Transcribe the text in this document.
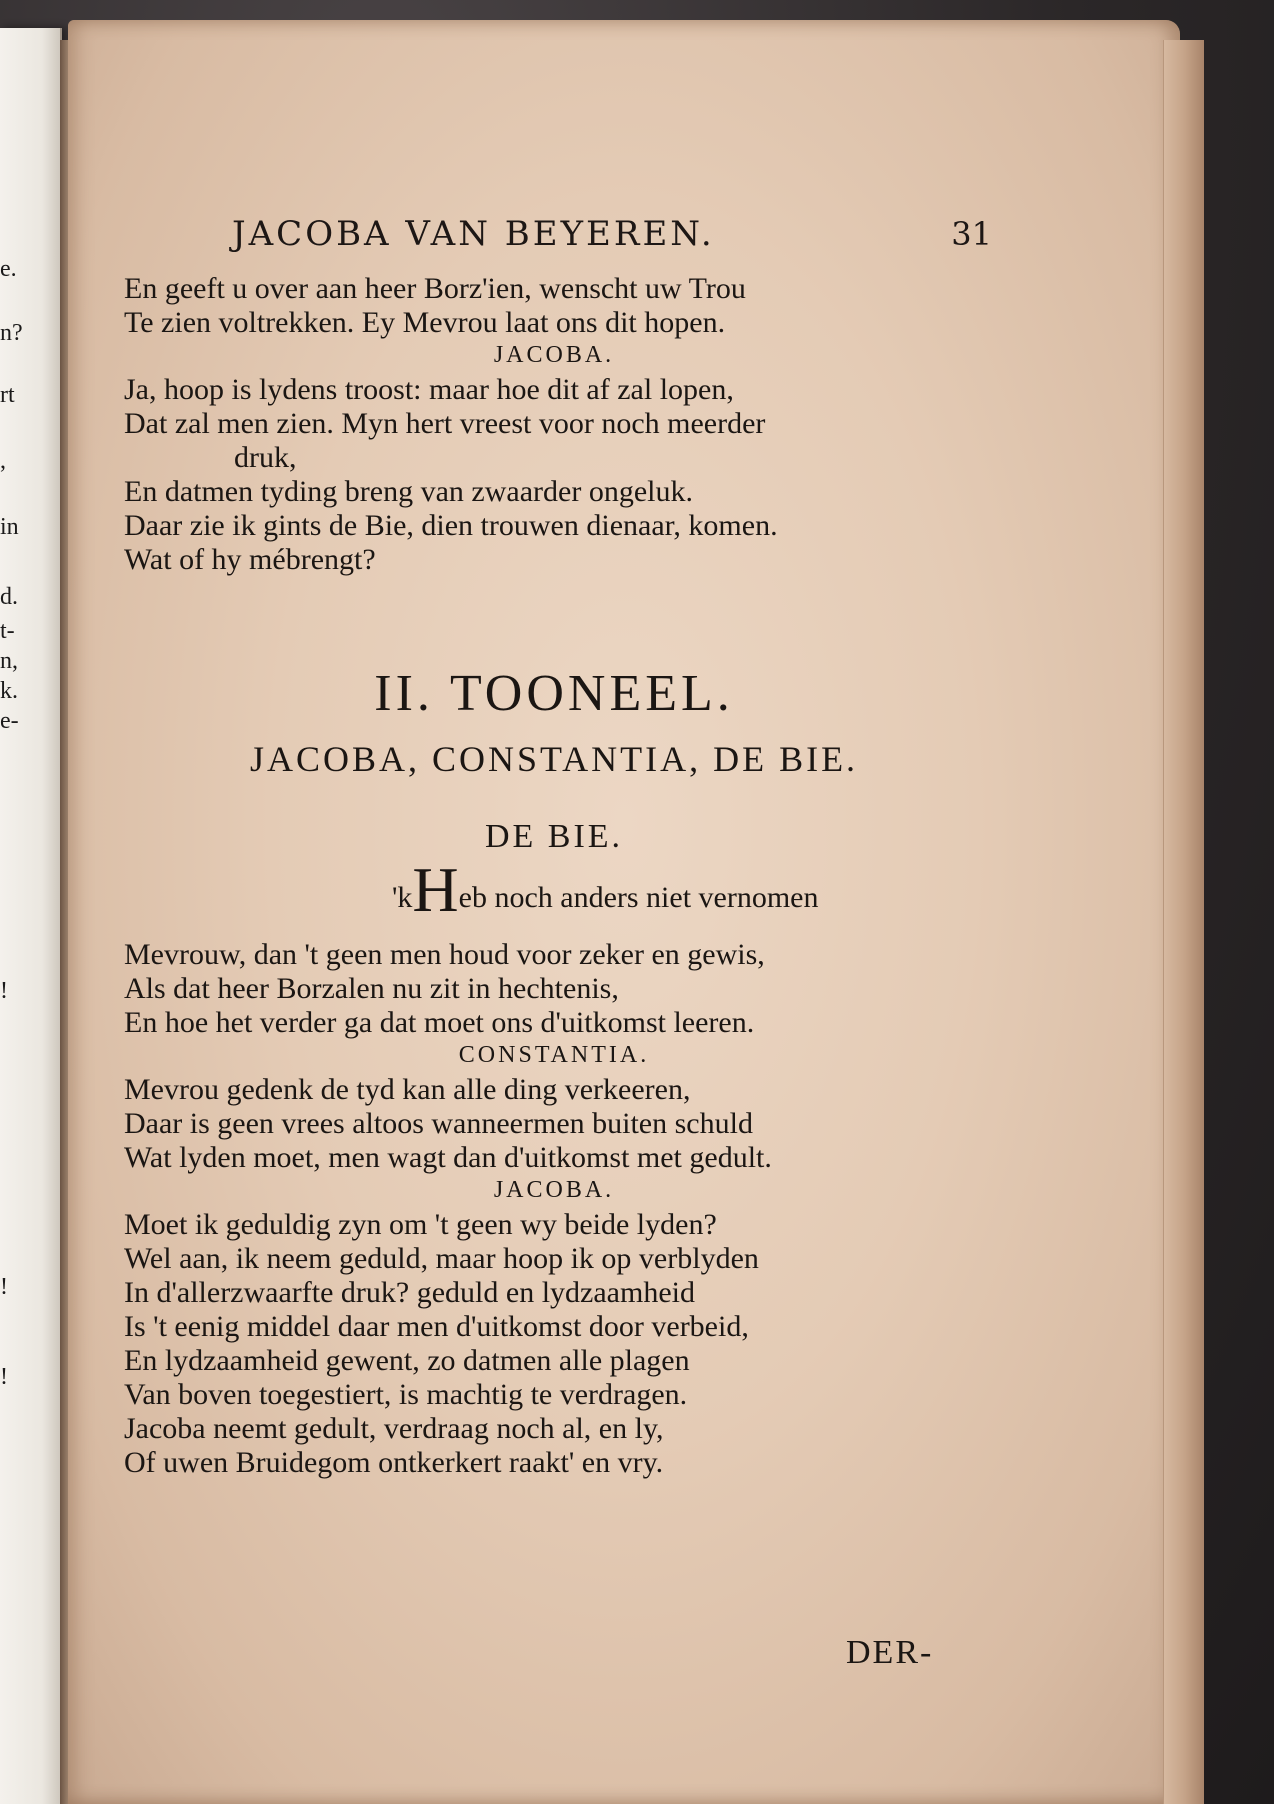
e.
n?
rt
,
in
d.
t-
n,
k.
e-
!
!
!
JACOBA VAN BEYEREN.	31
En geeft u over aan heer Borz'ien, wenscht uw Trou
Te zien voltrekken. Ey Mevrou laat ons dit hopen.
JACOBA.
Ja, hoop is lydens troost: maar hoe dit af zal lopen,
Dat zal men zien. Myn hert vreest voor noch meerder
druk,
En datmen tyding breng van zwaarder ongeluk.
Daar zie ik gints de Bie, dien trouwen dienaar, komen.
Wat of hy mébrengt?
II. TOONEEL.
JACOBA, CONSTANTIA, DE BIE.
DE BIE.
'kHeb noch anders niet vernomen
Mevrouw, dan 't geen men houd voor zeker en gewis,
Als dat heer Borzalen nu zit in hechtenis,
En hoe het verder ga dat moet ons d'uitkomst leeren.
CONSTANTIA.
Mevrou gedenk de tyd kan alle ding verkeeren,
Daar is geen vrees altoos wanneermen buiten schuld
Wat lyden moet, men wagt dan d'uitkomst met gedult.
JACOBA.
Moet ik geduldig zyn om 't geen wy beide lyden?
Wel aan, ik neem geduld, maar hoop ik op verblyden
In d'allerzwaarfte druk? geduld en lydzaamheid
Is 't eenig middel daar men d'uitkomst door verbeid,
En lydzaamheid gewent, zo datmen alle plagen
Van boven toegestiert, is machtig te verdragen.
Jacoba neemt gedult, verdraag noch al, en ly,
Of uwen Bruidegom ontkerkert raakt' en vry.
DER-
